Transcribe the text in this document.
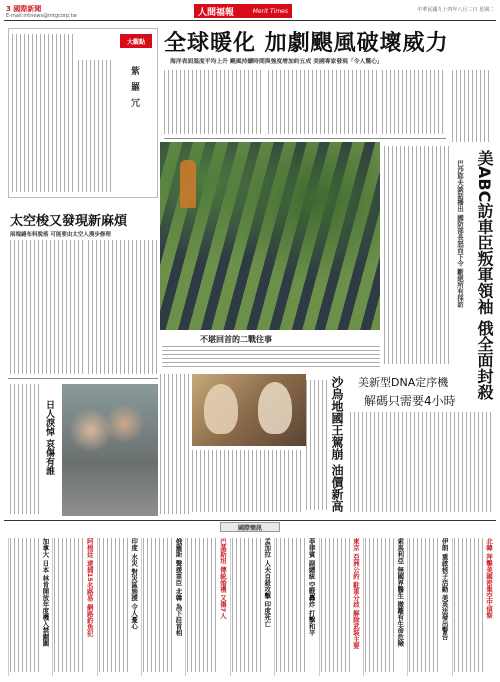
3 國際新聞
E-mail:mtnews@mtgcorp.tw	人間福報	Merit Times	中華民國九十四年八月二日 星期二
大觀點
紫 羅 冗
全球暖化 加劇颶風破壞威力
海洋表面溫度平均上升 颶風持續時間與強度增加約五成 美國專家發現「令人驚心」
美ABC訪車臣叛軍領袖 俄全面封殺
巴沙耶夫談話播出 國防部長怒而下令 斷絕所有採訪
太空梭又發現新麻煩
兩塊縫布料脫落 可能要由太空人漫步修理
不堪回首的二戰往事
沙烏地國王駕崩 油價新高 美新型DNA定序機
解碼只需要4小時
日人淚悼 哀傷有誰
國際簡訊
北韓 拜擊美國密集空中偵察
伊朗 重啟核子活動 美英法發出警告
索馬利亞 無國界醫生 撤離有生命危險
東京 亞洲公約 駐軍分歧 解除武裝主要
菲律賓 副總統 空戰轟炸 打擊和平
孟加拉 人夫自殺攻擊 印度死亡
巴基斯坦 傳統婚禮 又傷7人
俄羅斯 聲援車臣 北韓 為下註首相
印度 水災 對災區施援 令人憂心
阿根廷 逮捕15名路易 網路釣魚犯
加拿大 日本 林肯開放年度機入禁錮圍
